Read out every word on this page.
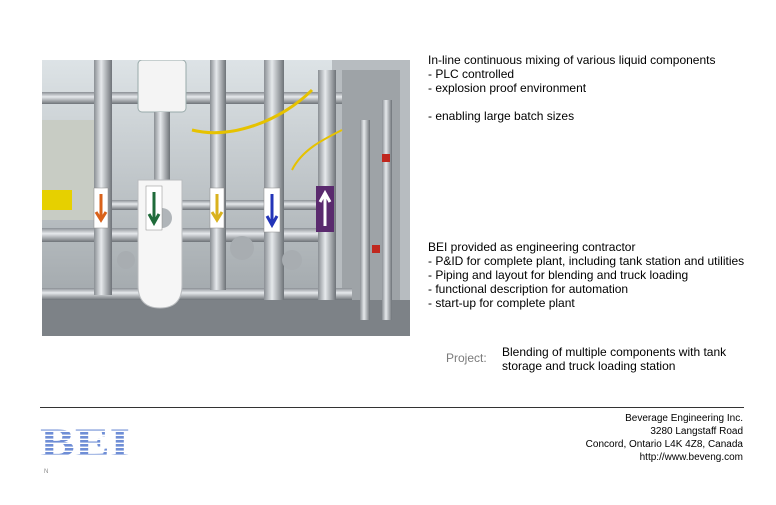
In-line continuous mixing of various liquid components
- PLC controlled
- explosion proof environment
- enabling large batch sizes
BEI provided as engineering contractor
- P&ID for complete plant, including tank station and utilities
- Piping and layout for blending and truck loading
- functional description for automation
- start-up for complete plant
Project: Blending of multiple components with tank storage and truck loading station
BEI
Beverage Engineering Inc.
3280 Langstaff Road
Concord, Ontario L4K 4Z8, Canada
http://www.beveng.com
N
